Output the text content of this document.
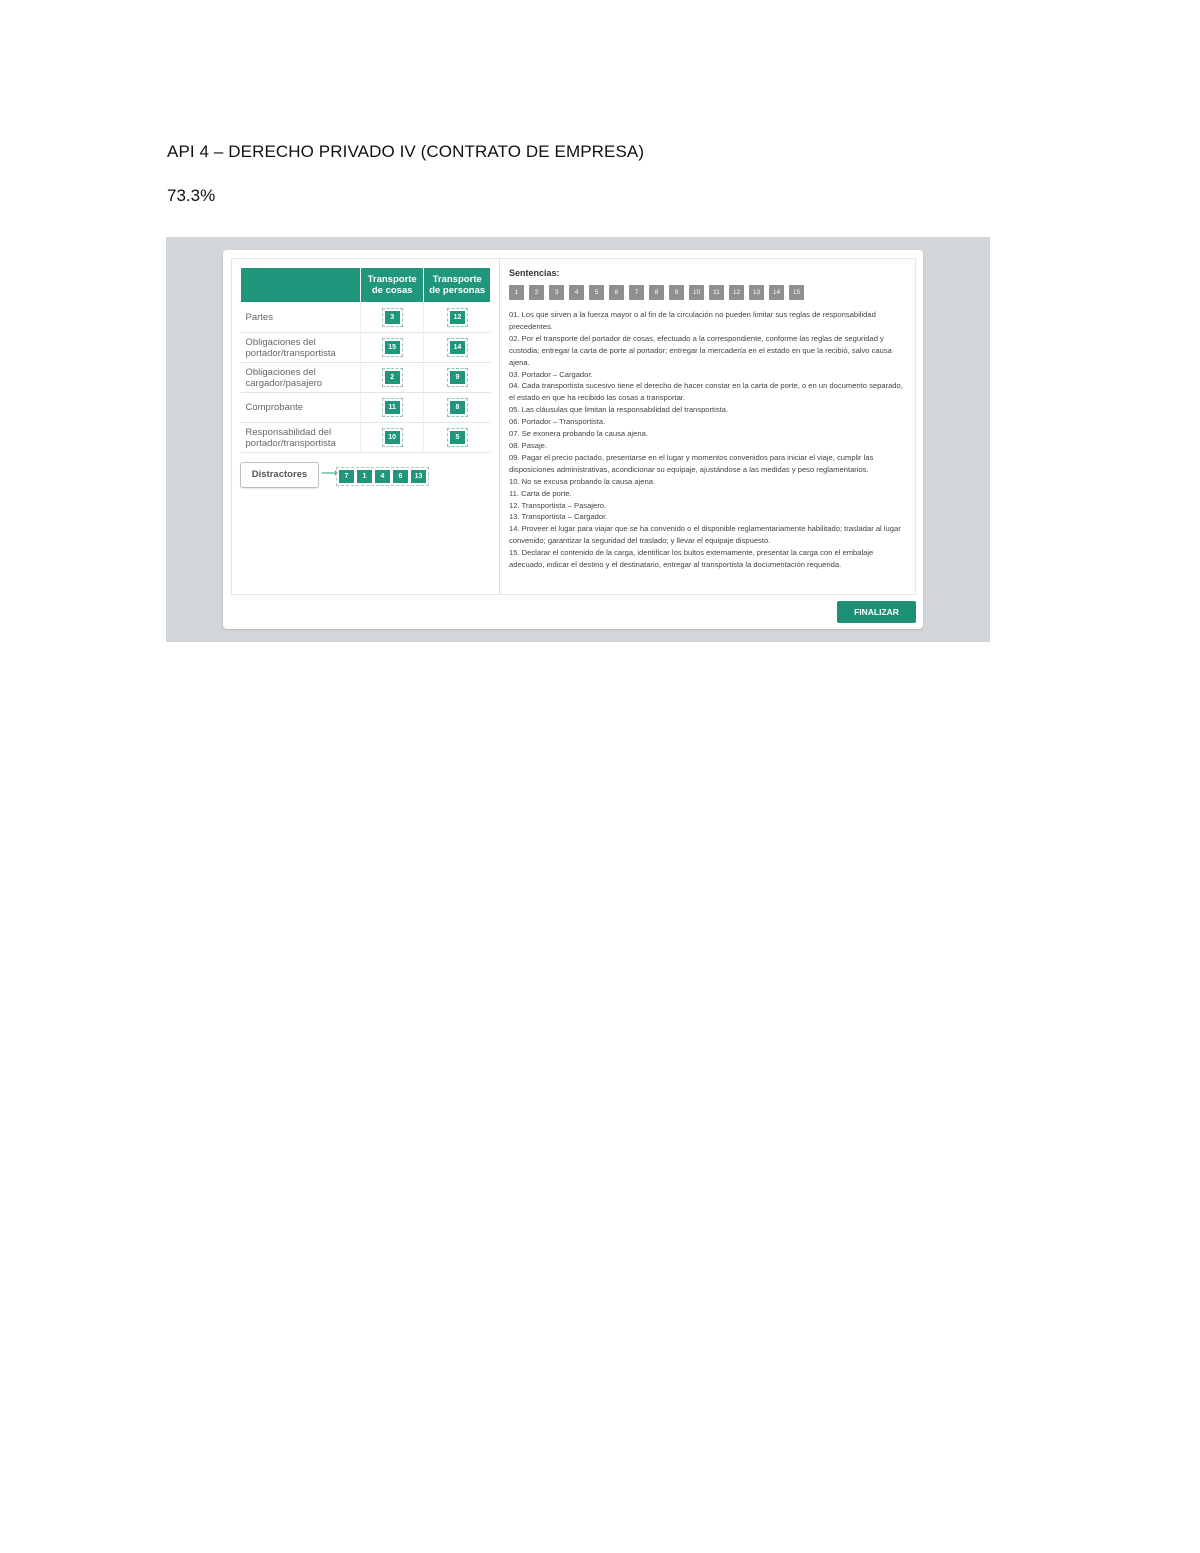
API 4 – DERECHO PRIVADO IV (CONTRATO DE EMPRESA)

73.3%

	Transporte de cosas	Transporte de personas
Partes	3	12
Obligaciones del portador/transportista	15	14
Obligaciones del cargador/pasajero	2	9
Comprobante	11	8
Responsabilidad del portador/transportista	10	5
Distractores	⟶ 7	1	4	6	13
Sentencias:
1	2	3	4	5	6	7	8	9	10	11	12	13	14	15
01. Los que sirven a la fuerza mayor o al fin de la circulación no pueden limitar sus reglas de responsabilidad precedentes.
02. Por el transporte del portador de cosas, efectuado a la correspondiente, conforme las reglas de seguridad y custodia; entregar la carta de porte al portador; entregar la mercadería en el estado en que la recibió, salvo causa ajena.
03. Portador – Cargador.
04. Cada transportista sucesivo tiene el derecho de hacer constar en la carta de porte, o en un documento separado, el estado en que ha recibido las cosas a transportar.
05. Las cláusulas que limitan la responsabilidad del transportista.
06. Portador – Transportista.
07. Se exonera probando la causa ajena.
08. Pasaje.
09. Pagar el precio pactado, presentarse en el lugar y momentos convenidos para iniciar el viaje, cumplir las disposiciones administrativas, acondicionar su equipaje, ajustándose a las medidas y peso reglamentarios.
10. No se excusa probando la causa ajena.
11. Carta de porte.
12. Transportista – Pasajero.
13. Transportista – Cargador.
14. Proveer el lugar para viajar que se ha convenido o el disponible reglamentariamente habilitado; trasladar al lugar convenido; garantizar la seguridad del traslado; y llevar el equipaje dispuesto.
15. Declarar el contenido de la carga, identificar los bultos externamente, presentar la carga con el embalaje adecuado, indicar el destino y el destinatario, entregar al transportista la documentación requerida.
FINALIZAR
